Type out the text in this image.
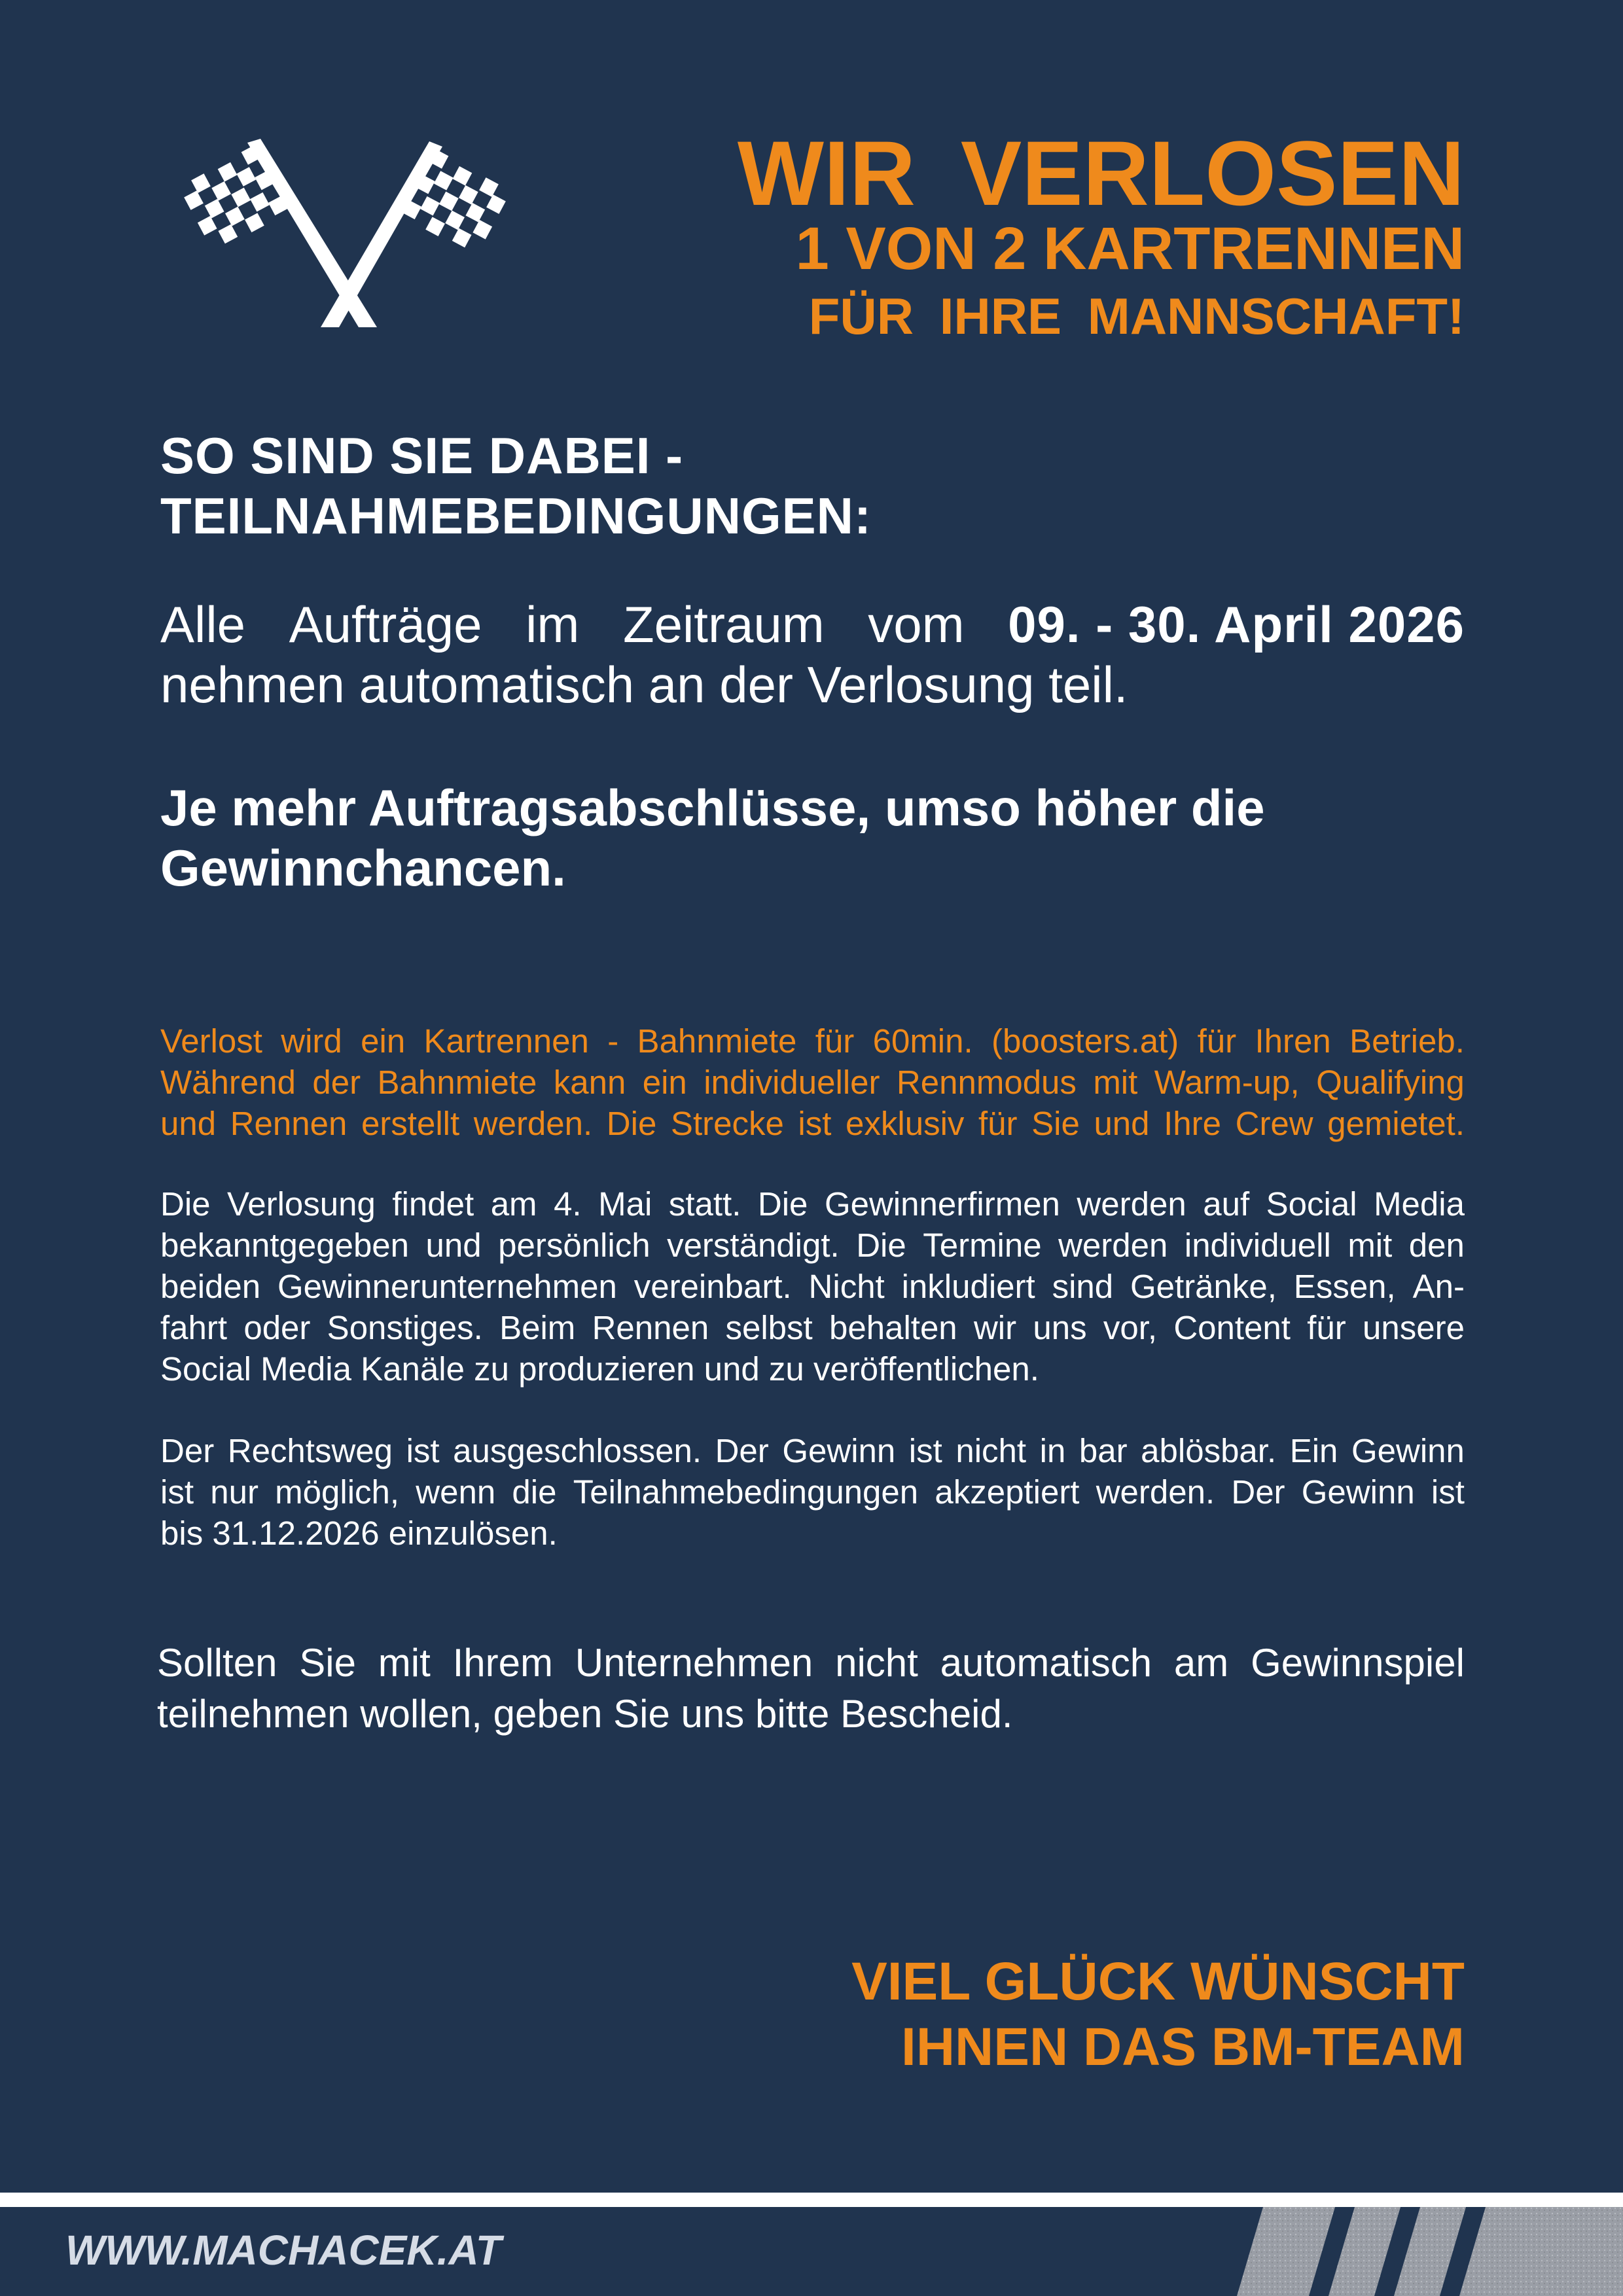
WIR VERLOSEN
1 VON 2 KARTRENNEN
FÜR IHRE MANNSCHAFT!
SO SIND SIE DABEI -
TEILNAHMEBEDINGUNGEN:
Alle Aufträge im Zeitraum vom 09. - 30. April 2026
nehmen automatisch an der Verlosung teil.
Je mehr Auftragsabschlüsse, umso höher die
Gewinnchancen.
Verlost wird ein Kartrennen - Bahnmiete für 60min. (boosters.at) für Ihren Betrieb.
Während der Bahnmiete kann ein individueller Rennmodus mit Warm-up, Qualifying
und Rennen erstellt werden. Die Strecke ist exklusiv für Sie und Ihre Crew gemietet.
Die Verlosung findet am 4. Mai statt. Die Gewinnerfirmen werden auf Social Media
bekanntgegeben und persönlich verständigt. Die Termine werden individuell mit den
beiden Gewinnerunternehmen vereinbart. Nicht inkludiert sind Getränke, Essen, An-
fahrt oder Sonstiges. Beim Rennen selbst behalten wir uns vor, Content für unsere
Social Media Kanäle zu produzieren und zu veröffentlichen.
Der Rechtsweg ist ausgeschlossen. Der Gewinn ist nicht in bar ablösbar. Ein Gewinn
ist nur möglich, wenn die Teilnahmebedingungen akzeptiert werden. Der Gewinn ist
bis 31.12.2026 einzulösen.
Sollten Sie mit Ihrem Unternehmen nicht automatisch am Gewinnspiel
teilnehmen wollen, geben Sie uns bitte Bescheid.
VIEL GLÜCK WÜNSCHT
IHNEN DAS BM-TEAM
WWW.MACHACEK.AT
